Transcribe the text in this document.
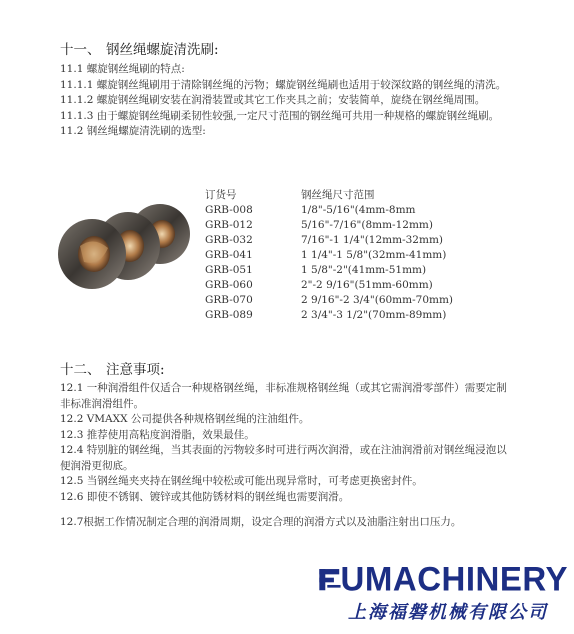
十一、 钢丝绳螺旋清洗刷:

11.1 螺旋钢丝绳刷的特点:

11.1.1 螺旋钢丝绳刷用于清除钢丝绳的污物；螺旋钢丝绳刷也适用于较深纹路的钢丝绳的清洗。

11.1.2 螺旋钢丝绳刷安装在润滑装置或其它工作夹具之前；安装简单，旋绕在钢丝绳周围。

11.1.3 由于螺旋钢丝绳刷柔韧性较强,一定尺寸范围的钢丝绳可共用一种规格的螺旋钢丝绳刷。

11.2 钢丝绳螺旋清洗刷的选型:

订货号	钢丝绳尺寸范围
GRB-008	1/8"-5/16"(4mm-8mm
GRB-012	5/16"-7/16"(8mm-12mm)
GRB-032	7/16"-1 1/4"(12mm-32mm)
GRB-041	1 1/4"-1 5/8"(32mm-41mm)
GRB-051	1 5/8"-2"(41mm-51mm)
GRB-060	2"-2 9/16"(51mm-60mm)
GRB-070	2 9/16"-2 3/4"(60mm-70mm)
GRB-089	2 3/4"-3 1/2"(70mm-89mm)
十二、 注意事项:

12.1 一种润滑组件仅适合一种规格钢丝绳，非标准规格钢丝绳（或其它需润滑零部件）需要定制非标准润滑组件。

12.2 VMAXX 公司提供各种规格钢丝绳的注油组件。

12.3 推荐使用高粘度润滑脂，效果最佳。

12.4 特别脏的钢丝绳，当其表面的污物较多时可进行两次润滑，或在注油润滑前对钢丝绳浸泡以便润滑更彻底。

12.5 当钢丝绳夹夹持在钢丝绳中较松或可能出现异常时，可考虑更换密封件。

12.6 即使不锈钢、镀锌或其他防锈材料的钢丝绳也需要润滑。

12.7根据工作情况制定合理的润滑周期，设定合理的润滑方式以及油脂注射出口压力。
UMACHINERY
上海福磐机械有限公司
